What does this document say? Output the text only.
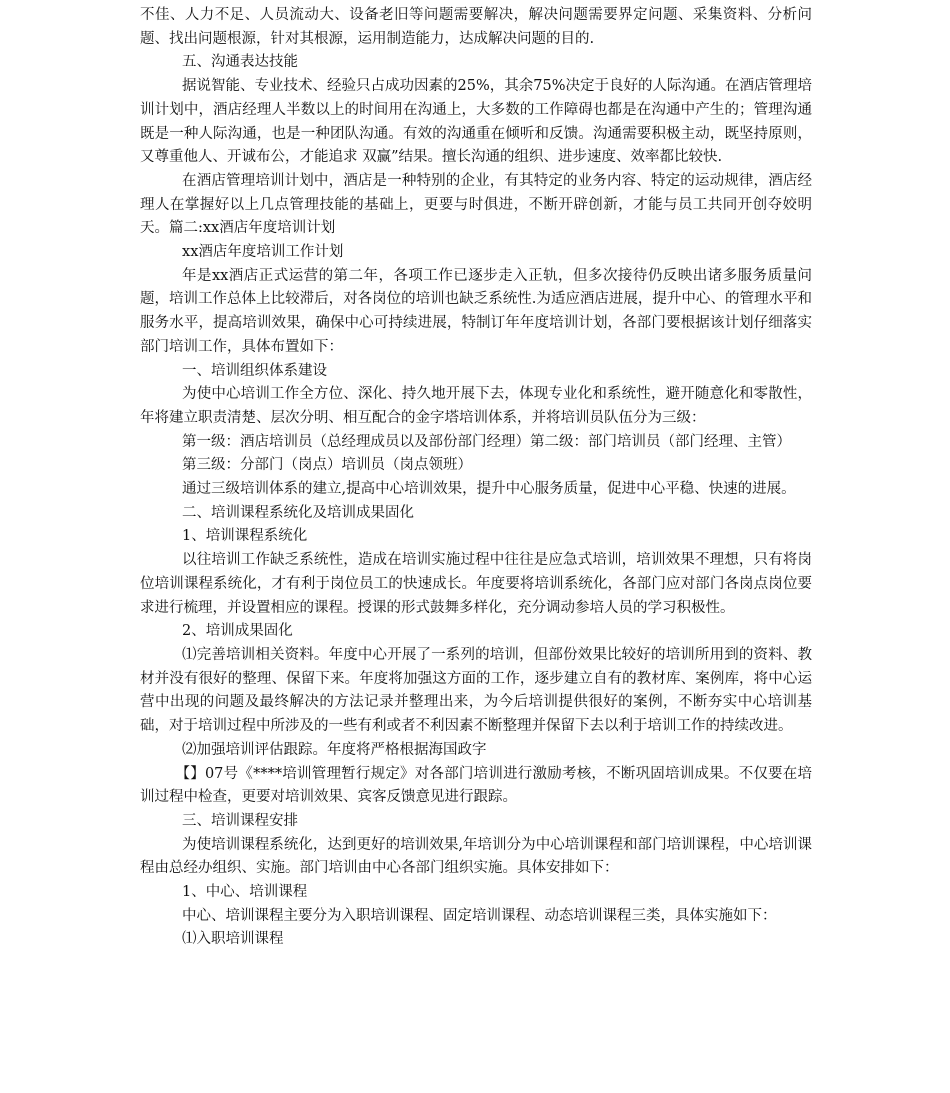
不佳、人力不足、人员流动大、设备老旧等问题需要解决，解决问题需要界定问题、采集资料、分析问题、找出问题根源，针对其根源，运用制造能力，达成解决问题的目的.

五、沟通表达技能

据说智能、专业技术、经验只占成功因素的25%，其余75%决定于良好的人际沟通。在酒店管理培训计划中，酒店经理人半数以上的时间用在沟通上，大多数的工作障碍也都是在沟通中产生的；管理沟通既是一种人际沟通，也是一种团队沟通。有效的沟通重在倾听和反馈。沟通需要积极主动，既坚持原则，又尊重他人、开诚布公，才能追求 双赢”结果。擅长沟通的组织、进步速度、效率都比较快.

在酒店管理培训计划中，酒店是一种特别的企业，有其特定的业务内容、特定的运动规律，酒店经理人在掌握好以上几点管理技能的基础上，更要与时俱进，不断开辟创新，才能与员工共同开创夺姣明天。篇二:xx酒店年度培训计划

xx酒店年度培训工作计划

年是xx酒店正式运营的第二年，各项工作已逐步走入正轨，但多次接待仍反映出诸多服务质量问题，培训工作总体上比较滞后，对各岗位的培训也缺乏系统性.为适应酒店进展，提升中心、的管理水平和服务水平，提高培训效果，确保中心可持续进展，特制订年年度培训计划，各部门要根据该计划仔细落实部门培训工作，具体布置如下：

一、培训组织体系建设

为使中心培训工作全方位、深化、持久地开展下去，体现专业化和系统性，避开随意化和零散性，年将建立职责清楚、层次分明、相互配合的金字塔培训体系，并将培训员队伍分为三级：

第一级：酒店培训员（总经理成员以及部份部门经理）第二级：部门培训员（部门经理、主管）

第三级：分部门（岗点）培训员（岗点领班）

通过三级培训体系的建立,提高中心培训效果，提升中心服务质量，促进中心平稳、快速的进展。

二、培训课程系统化及培训成果固化

1、培训课程系统化

以往培训工作缺乏系统性，造成在培训实施过程中往往是应急式培训，培训效果不理想，只有将岗位培训课程系统化，才有利于岗位员工的快速成长。年度要将培训系统化，各部门应对部门各岗点岗位要求进行梳理，并设置相应的课程。授课的形式鼓舞多样化，充分调动参培人员的学习积极性。

2、培训成果固化

⑴完善培训相关资料。年度中心开展了一系列的培训，但部份效果比较好的培训所用到的资料、教材并没有很好的整理、保留下来。年度将加强这方面的工作，逐步建立自有的教材库、案例库，将中心运营中出现的问题及最终解决的方法记录并整理出来，为今后培训提供很好的案例，不断夯实中心培训基础，对于培训过程中所涉及的一些有利或者不利因素不断整理并保留下去以利于培训工作的持续改进。

⑵加强培训评估跟踪。年度将严格根据海国政字

【】07号《****培训管理暂行规定》对各部门培训进行激励考核，不断巩固培训成果。不仅要在培训过程中检查，更要对培训效果、宾客反馈意见进行跟踪。

三、培训课程安排

为使培训课程系统化，达到更好的培训效果,年培训分为中心培训课程和部门培训课程，中心培训课程由总经办组织、实施。部门培训由中心各部门组织实施。具体安排如下：

1、中心、培训课程

中心、培训课程主要分为入职培训课程、固定培训课程、动态培训课程三类，具体实施如下：

⑴入职培训课程
